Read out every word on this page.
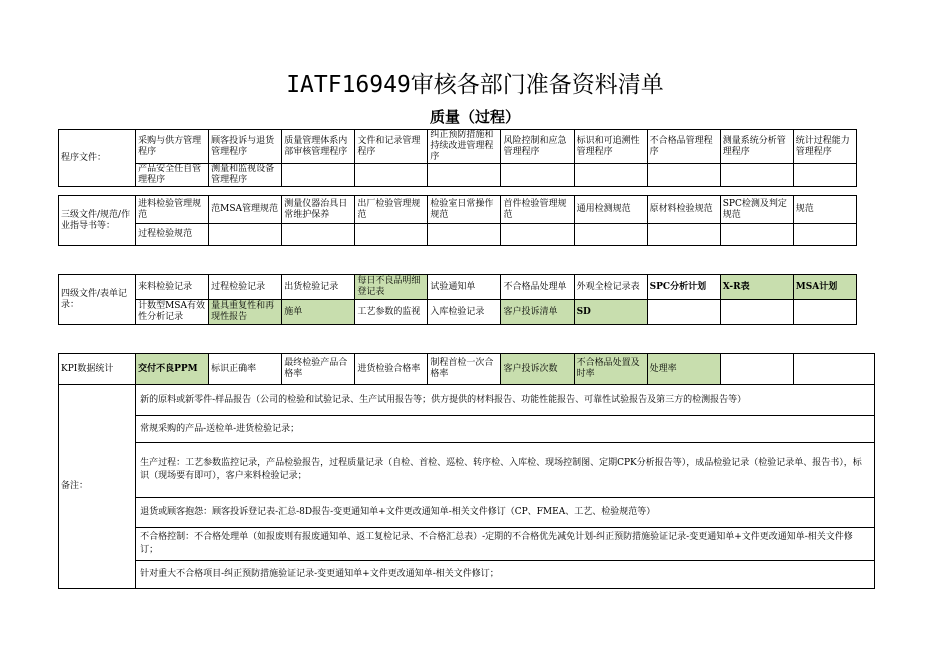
IATF16949审核各部门准备资料清单
质量（过程）
程序文件：	采购与供方管理程序	顾客投诉与退货管理程序	质量管理体系内部审核管理程序	文件和记录管理程序	纠正预防措施和持续改进管理程序	风险控制和应急管理程序	标识和可追溯性管理程序	不合格品管理程序	测量系统分析管理程序	统计过程能力管理程序
	产品安全任自管理程序	测量和监视设备管理程序								
三级文件/规范/作业指导书等：	进料检验管理规范	范MSA管理规范	测量仪器治具日常维护保养	出厂检验管理规范	检验室日常操作规范	首件检验管理规范	通用检测规范	原材料检验规范	SPC检测及判定规范	规范
	过程检验规范									
四级文件/表单记录：	来料检验记录	过程检验记录	出货检验记录	每日不良品明细登记表	试验通知单	不合格品处理单	外观全检记录表	SPC分析计划	X-R表	MSA计划
	计数型MSA有效性分析记录	量具重复性和再现性报告	施单	工艺参数的监视	入库检验记录	客户投诉清单	SD			
KPI数据统计	交付不良PPM	标识正确率	最终检验产品合格率	进货检验合格率	制程首检一次合格率	客户投诉次数	不合格品处置及时率	处理率		
备注：	新的原料或新零件-样品报告（公司的检验和试验记录、生产试用报告等；供方提供的材料报告、功能性能报告、可靠性试验报告及第三方的检测报告等）									
	常规采购的产品-送检单-进货检验记录；									
	生产过程：工艺参数监控记录，产品检验报告，过程质量记录（自检、首检、巡检、转序检、入库检、现场控制图、定期CPK分析报告等），成品检验记录（检验记录单、报告书），标识（现场要有即可），客户来料检验记录；									
	退货或顾客抱怨：顾客投诉登记表-汇总-8D报告-变更通知单+文件更改通知单-相关文件修订（CP、FMEA、工艺、检验规范等）									
	不合格控制：不合格处理单（如报废则有报废通知单、返工复检记录、不合格汇总表）-定期的不合格优先减免计划-纠正预防措施验证记录-变更通知单+文件更改通知单-相关文件修订；									
	针对重大不合格项目-纠正预防措施验证记录-变更通知单+文件更改通知单-相关文件修订；									
